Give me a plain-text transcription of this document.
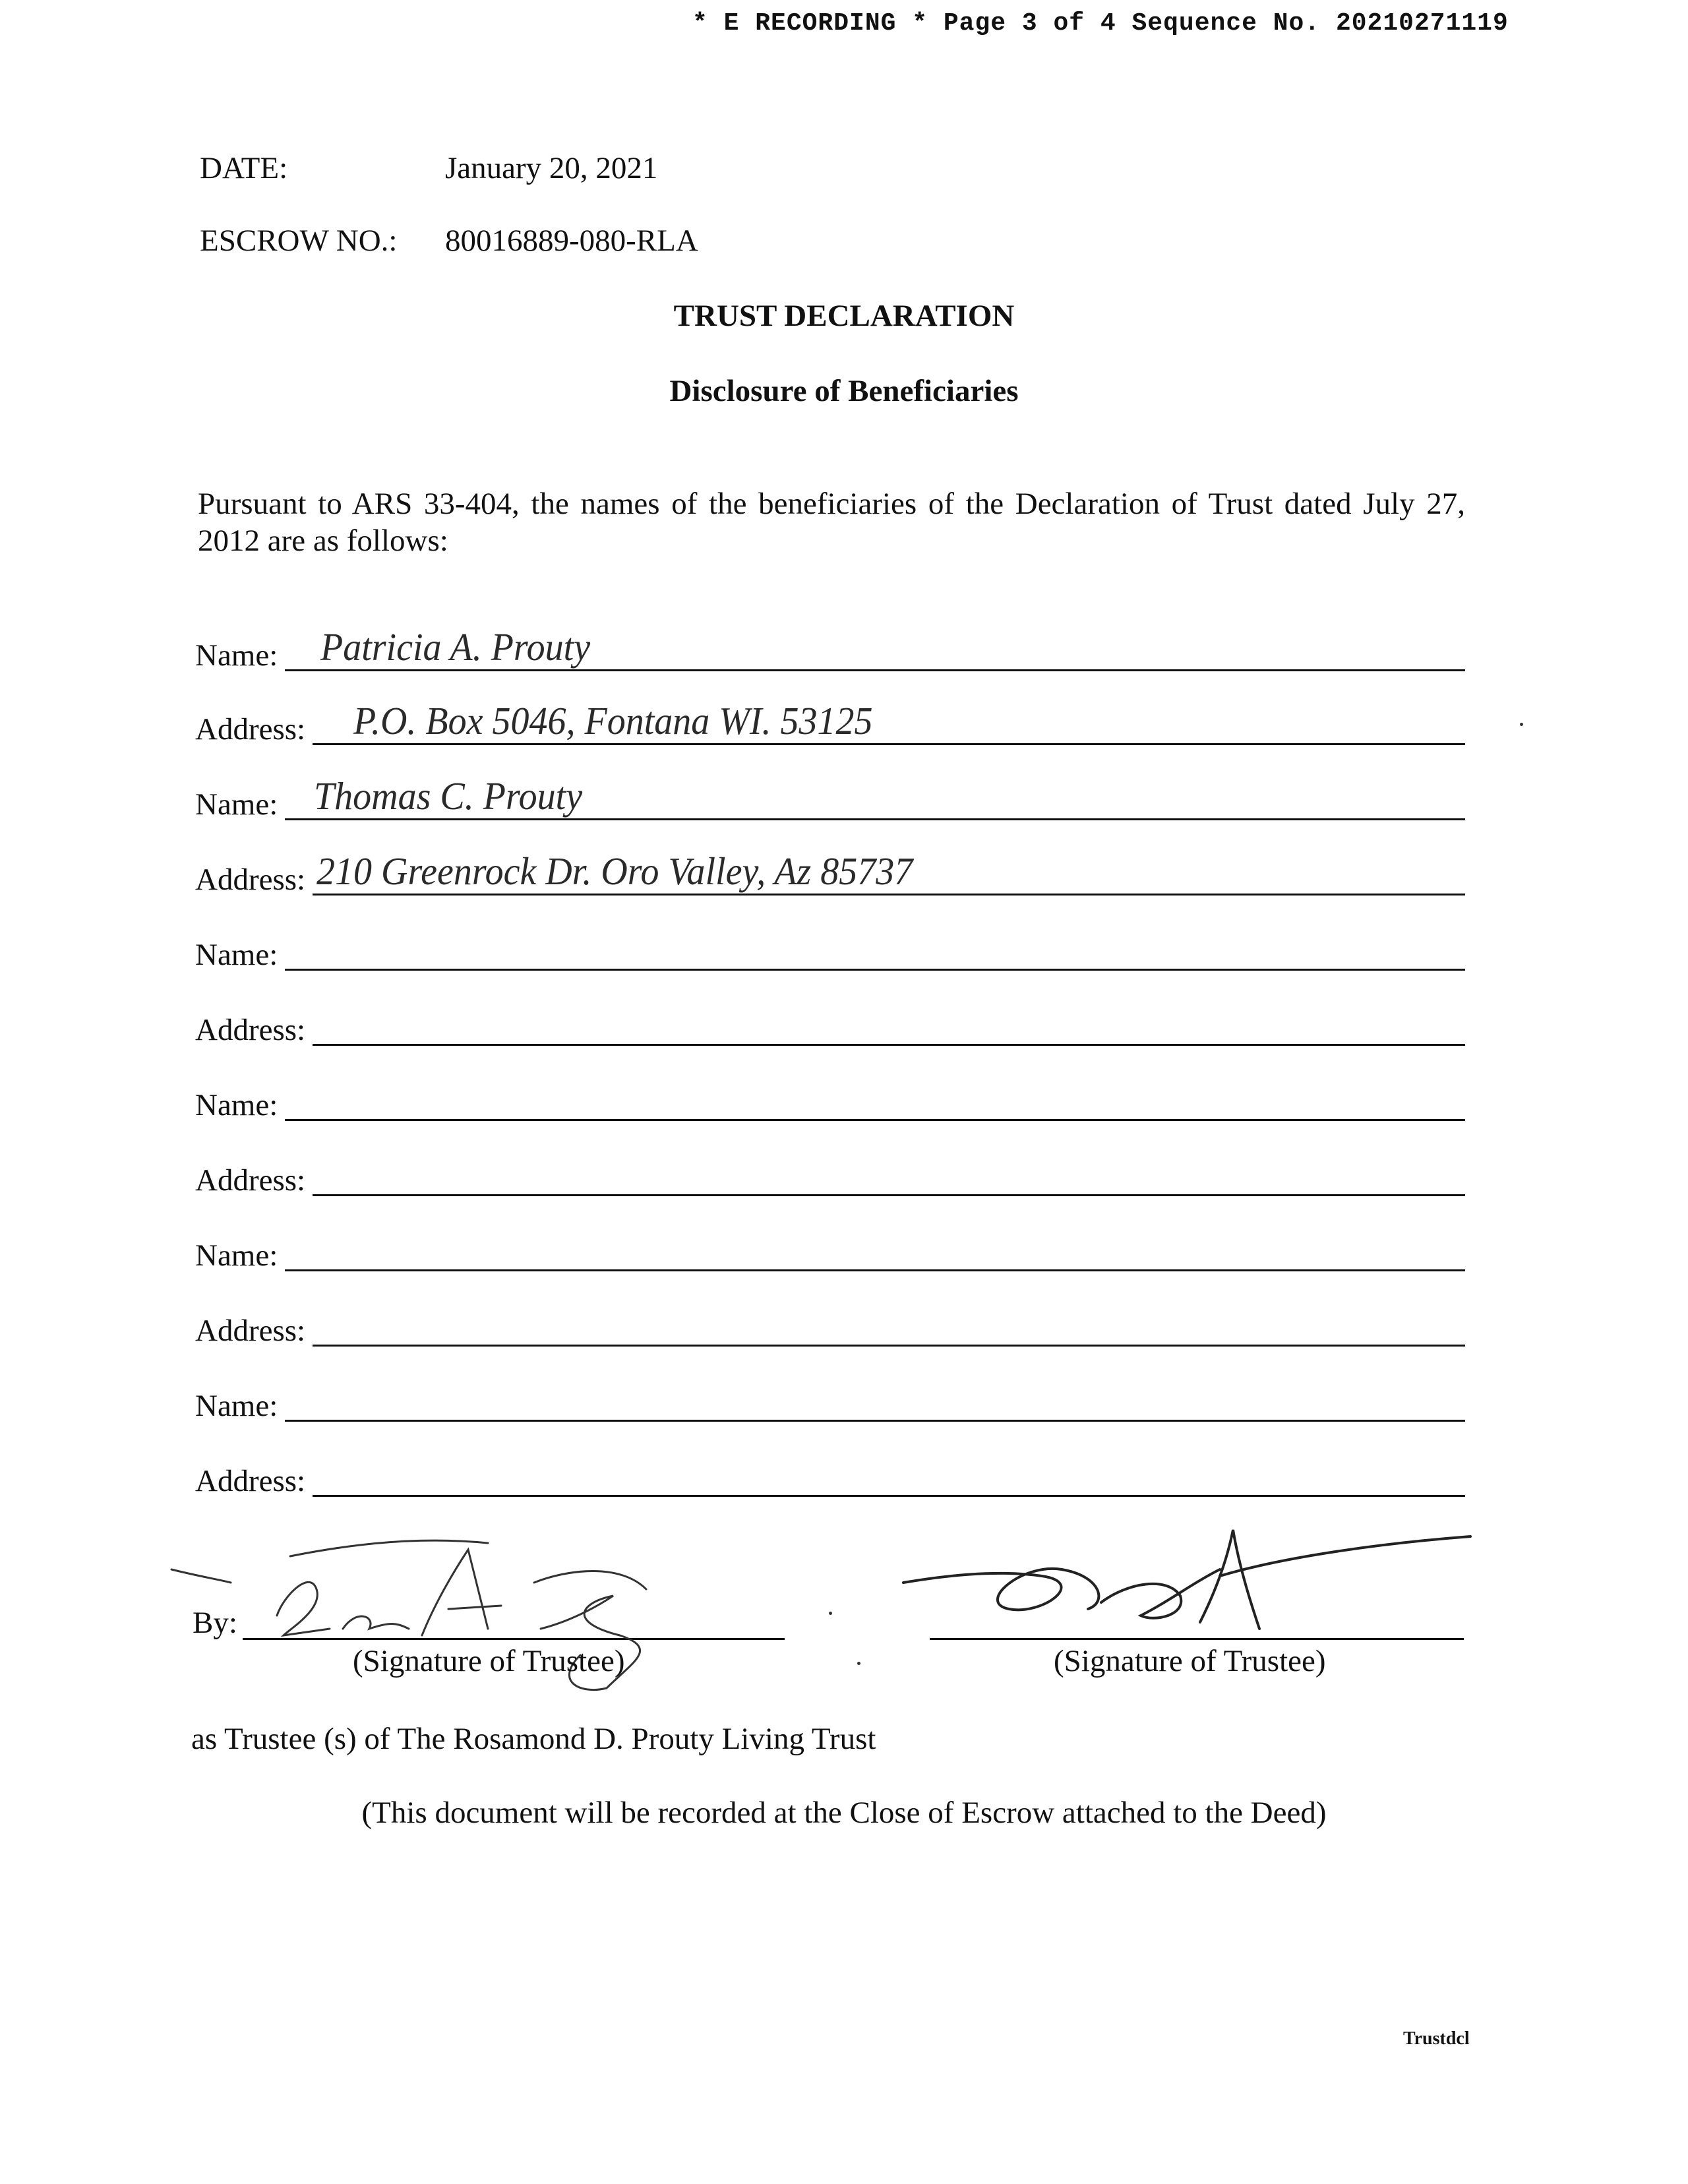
* E RECORDING * Page 3 of 4 Sequence No. 20210271119
DATE:	January 20, 2021
ESCROW NO.: 80016889-080-RLA
TRUST DECLARATION
Disclosure of Beneficiaries
Pursuant to ARS 33-404, the names of the beneficiaries of the Declaration of Trust dated July 27, 2012 are as follows:
Name: Patricia A. Prouty
Address: P.O. Box 5046, Fontana WI. 53125
Name: Thomas C. Prouty
Address: 210 Greenrock Dr. Oro Valley, Az 85737
Name:
Address:
Name:
Address:
Name:
Address:
Name:
Address:
By:
(Signature of Trustee)	(Signature of Trustee)
as Trustee (s) of The Rosamond D. Prouty Living Trust
(This document will be recorded at the Close of Escrow attached to the Deed)
Trustdcl
